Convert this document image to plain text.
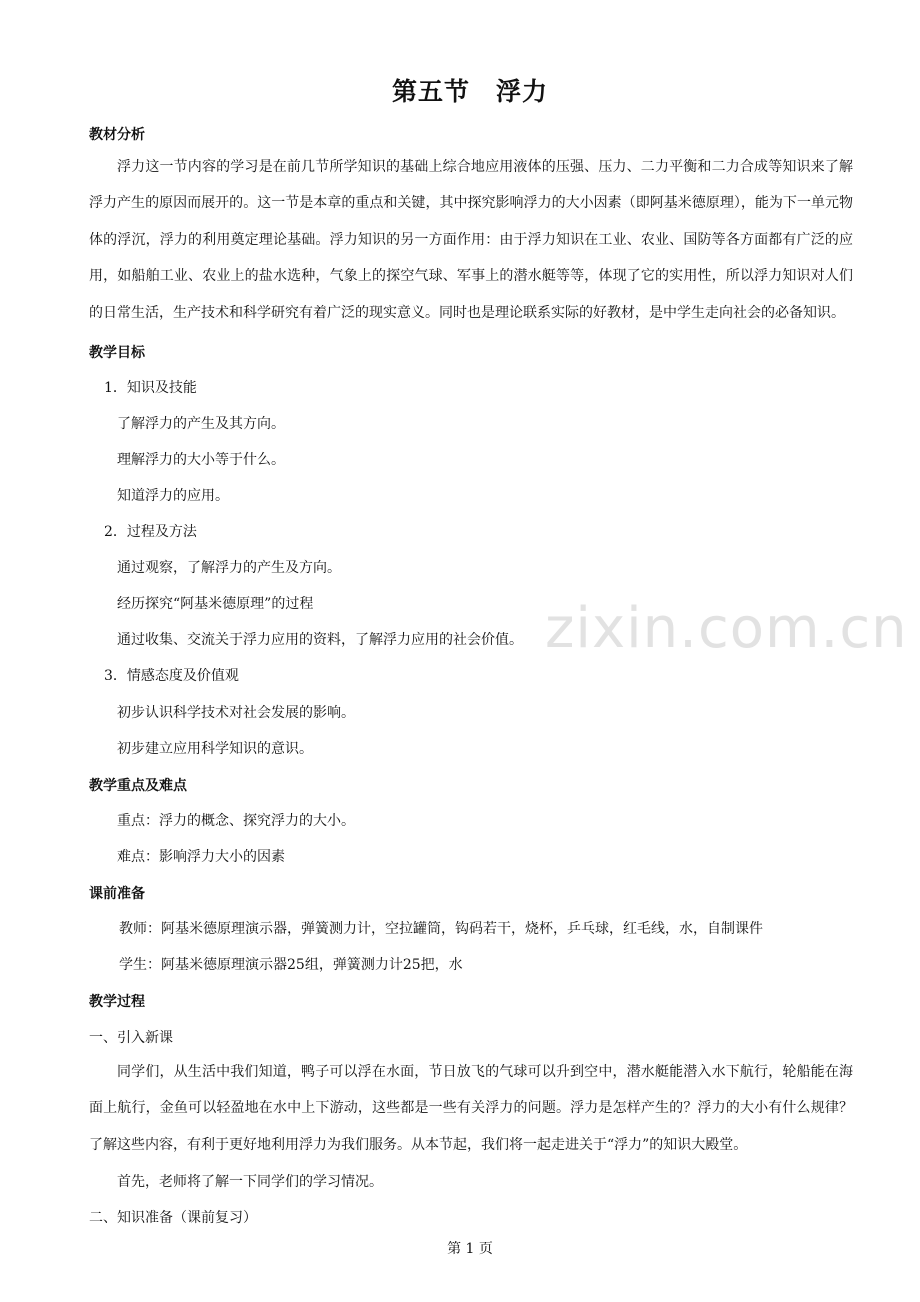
zixin.com.cn
第五节　浮力
教材分析

浮力这一节内容的学习是在前几节所学知识的基础上综合地应用液体的压强、压力、二力平衡和二力合成等知识来了解浮力产生的原因而展开的。这一节是本章的重点和关键，其中探究影响浮力的大小因素（即阿基米德原理），能为下一单元物体的浮沉，浮力的利用奠定理论基础。浮力知识的另一方面作用：由于浮力知识在工业、农业、国防等各方面都有广泛的应用，如船舶工业、农业上的盐水选种，气象上的探空气球、军事上的潜水艇等等，体现了它的实用性，所以浮力知识对人们的日常生活，生产技术和科学研究有着广泛的现实意义。同时也是理论联系实际的好教材，是中学生走向社会的必备知识。

教学目标
1．知识及技能
了解浮力的产生及其方向。
理解浮力的大小等于什么。
知道浮力的应用。
2．过程及方法
通过观察，了解浮力的产生及方向。
经历探究“阿基米德原理”的过程
通过收集、交流关于浮力应用的资料，了解浮力应用的社会价值。
3．情感态度及价值观
初步认识科学技术对社会发展的影响。
初步建立应用科学知识的意识。
教学重点及难点
重点：浮力的概念、探究浮力的大小。
难点：影响浮力大小的因素
课前准备
教师：阿基米德原理演示器，弹簧测力计，空拉罐筒，钩码若干，烧杯，乒乓球，红毛线，水，自制课件
学生：阿基米德原理演示器25组，弹簧测力计25把，水
教学过程
一、引入新课

同学们，从生活中我们知道，鸭子可以浮在水面，节日放飞的气球可以升到空中，潜水艇能潜入水下航行，轮船能在海面上航行，金鱼可以轻盈地在水中上下游动，这些都是一些有关浮力的问题。浮力是怎样产生的？浮力的大小有什么规律？了解这些内容，有利于更好地利用浮力为我们服务。从本节起，我们将一起走进关于“浮力”的知识大殿堂。

首先，老师将了解一下同学们的学习情况。
二、知识准备（课前复习）
第 1 页
